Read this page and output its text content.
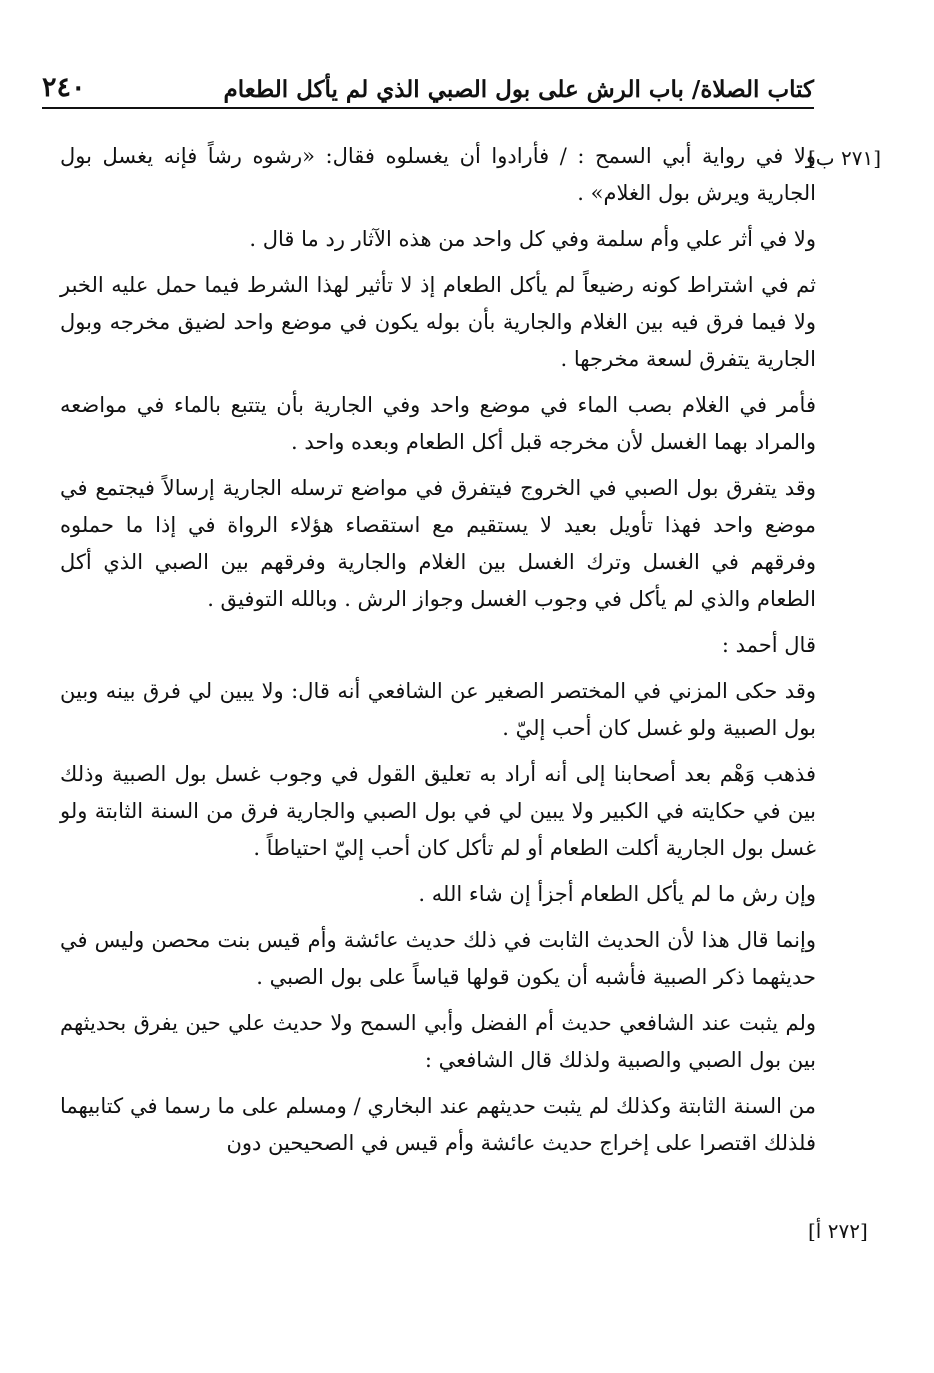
كتاب الصلاة/ باب الرش على بول الصبي الذي لم يأكل الطعام
٢٤٠
[٢٧١ ب]
[٢٧٢ أ]

ولا في رواية أبي السمح : / فأرادوا أن يغسلوه فقال: «رشوه رشاً فإنه يغسل بول الجارية ويرش بول الغلام» .

ولا في أثر علي وأم سلمة وفي كل واحد من هذه الآثار رد ما قال .

ثم في اشتراط كونه رضيعاً لم يأكل الطعام إذ لا تأثير لهذا الشرط فيما حمل عليه الخبر ولا فيما فرق فيه بين الغلام والجارية بأن بوله يكون في موضع واحد لضيق مخرجه وبول الجارية يتفرق لسعة مخرجها .

فأمر في الغلام بصب الماء في موضع واحد وفي الجارية بأن يتتبع بالماء في مواضعه والمراد بهما الغسل لأن مخرجه قبل أكل الطعام وبعده واحد .

وقد يتفرق بول الصبي في الخروج فيتفرق في مواضع ترسله الجارية إرسالاً فيجتمع في موضع واحد فهذا تأويل بعيد لا يستقيم مع استقصاء هؤلاء الرواة في إذا ما حملوه وفرقهم في الغسل وترك الغسل بين الغلام والجارية وفرقهم بين الصبي الذي أكل الطعام والذي لم يأكل في وجوب الغسل وجواز الرش . وبالله التوفيق .

قال أحمد :

وقد حكى المزني في المختصر الصغير عن الشافعي أنه قال: ولا يبين لي فرق بينه وبين بول الصبية ولو غسل كان أحب إليّ .

فذهب وَهْم بعد أصحابنا إلى أنه أراد به تعليق القول في وجوب غسل بول الصبية وذلك بين في حكايته في الكبير ولا يبين لي في بول الصبي والجارية فرق من السنة الثابتة ولو غسل بول الجارية أكلت الطعام أو لم تأكل كان أحب إليّ احتياطاً .

وإن رش ما لم يأكل الطعام أجزأ إن شاء الله .

وإنما قال هذا لأن الحديث الثابت في ذلك حديث عائشة وأم قيس بنت محصن وليس في حديثهما ذكر الصبية فأشبه أن يكون قولها قياساً على بول الصبي .

ولم يثبت عند الشافعي حديث أم الفضل وأبي السمح ولا حديث علي حين يفرق بحديثهم بين بول الصبي والصبية ولذلك قال الشافعي :

من السنة الثابتة وكذلك لم يثبت حديثهم عند البخاري / ومسلم على ما رسما في كتابيهما فلذلك اقتصرا على إخراج حديث عائشة وأم قيس في الصحيحين دون
